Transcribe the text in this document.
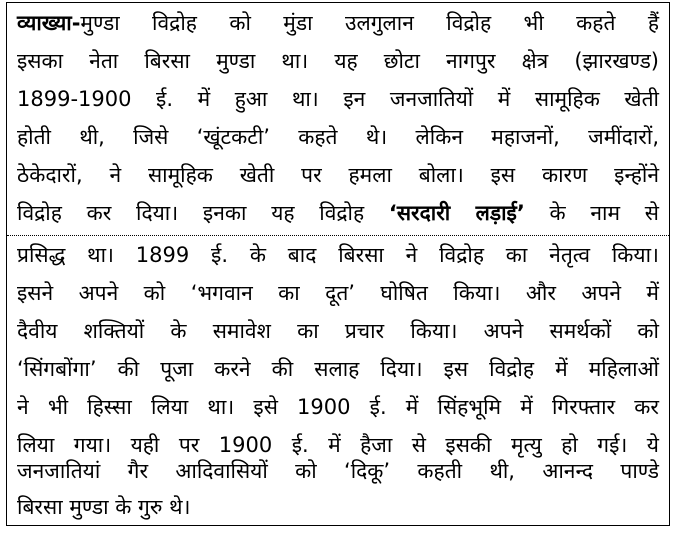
व्याख्या-मुण्डा विद्रोह को मुंडा उलगुलान विद्रोह भी कहते हैं
इसका नेता बिरसा मुण्डा था। यह छोटा नागपुर क्षेत्र (झारखण्ड)
1899-1900 ई. में हुआ था। इन जनजातियों में सामूहिक खेती
होती थी, जिसे ‘खूंटकटी’ कहते थे। लेकिन महाजनों, जमींदारों,
ठेकेदारों, ने सामूहिक खेती पर हमला बोला। इस कारण इन्होंने
विद्रोह कर दिया। इनका यह विद्रोह ‘सरदारी लड़ाई’ के नाम से
प्रसिद्ध था। 1899 ई. के बाद बिरसा ने विद्रोह का नेतृत्व किया।
इसने अपने को ‘भगवान का दूत’ घोषित किया। और अपने में
दैवीय शक्तियों के समावेश का प्रचार किया। अपने समर्थकों को
‘सिंगबोंगा’ की पूजा करने की सलाह दिया। इस विद्रोह में महिलाओं
ने भी हिस्सा लिया था। इसे 1900 ई. में सिंहभूमि में गिरफ्तार कर
लिया गया। यही पर 1900 ई. में हैजा से इसकी मृत्यु हो गई। ये
जनजातियां गैर आदिवासियों को ‘दिकू’ कहती थी, आनन्द पाण्डे
बिरसा मुण्डा के गुरु थे।
